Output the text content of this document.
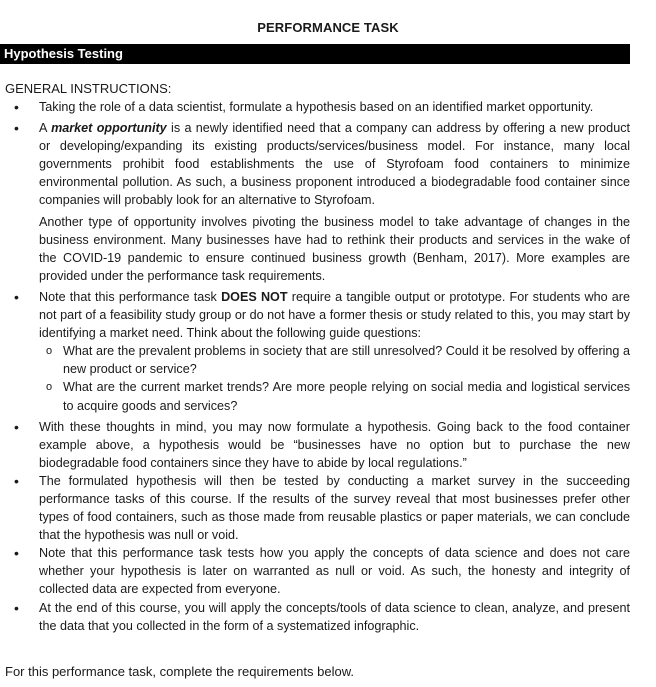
PERFORMANCE TASK
Hypothesis Testing
GENERAL INSTRUCTIONS:
• Taking the role of a data scientist, formulate a hypothesis based on an identified market opportunity.

• A market opportunity is a newly identified need that a company can address by offering a new product or developing/expanding its existing products/services/business model. For instance, many local governments prohibit food establishments the use of Styrofoam food containers to minimize environmental pollution. As such, a business proponent introduced a biodegradable food container since companies will probably look for an alternative to Styrofoam.

Another type of opportunity involves pivoting the business model to take advantage of changes in the business environment. Many businesses have had to rethink their products and services in the wake of the COVID-19 pandemic to ensure continued business growth (Benham, 2017). More examples are provided under the performance task requirements.

• Note that this performance task DOES NOT require a tangible output or prototype. For students who are not part of a feasibility study group or do not have a former thesis or study related to this, you may start by identifying a market need. Think about the following guide questions:

o What are the prevalent problems in society that are still unresolved? Could it be resolved by offering a new product or service?

o What are the current market trends? Are more people relying on social media and logistical services to acquire goods and services?

• With these thoughts in mind, you may now formulate a hypothesis. Going back to the food container example above, a hypothesis would be “businesses have no option but to purchase the new biodegradable food containers since they have to abide by local regulations.”

• The formulated hypothesis will then be tested by conducting a market survey in the succeeding performance tasks of this course. If the results of the survey reveal that most businesses prefer other types of food containers, such as those made from reusable plastics or paper materials, we can conclude that the hypothesis was null or void.

• Note that this performance task tests how you apply the concepts of data science and does not care whether your hypothesis is later on warranted as null or void. As such, the honesty and integrity of collected data are expected from everyone.

• At the end of this course, you will apply the concepts/tools of data science to clean, analyze, and present the data that you collected in the form of a systematized infographic.

For this performance task, complete the requirements below.
